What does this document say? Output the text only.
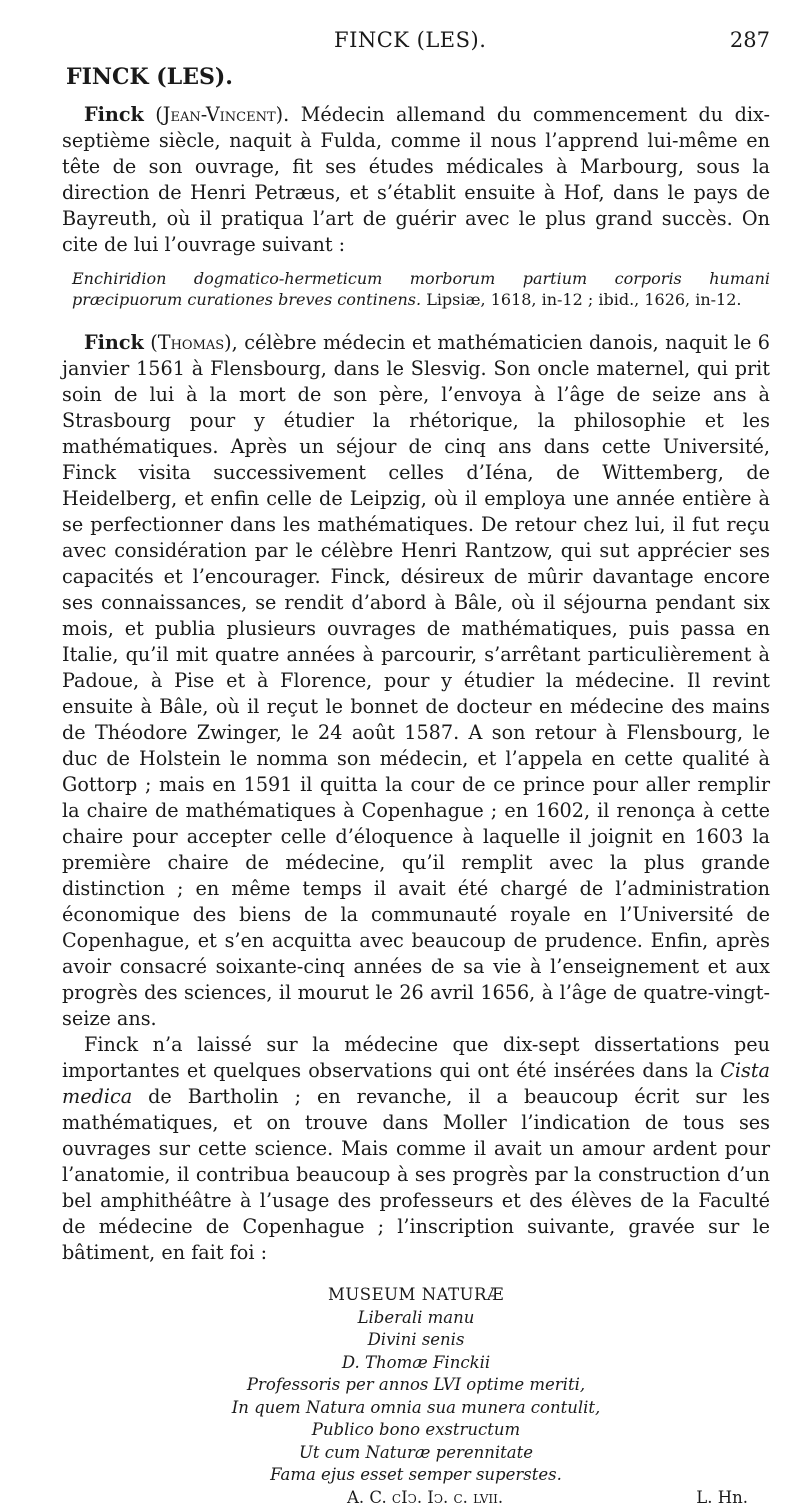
FINCK (LES).	287
FINCK (LES).

Finck (Jean-Vincent). Médecin allemand du commencement du dix-septième siècle, naquit à Fulda, comme il nous l’apprend lui-même en tête de son ouvrage, fit ses études médicales à Marbourg, sous la direction de Henri Petræus, et s’établit ensuite à Hof, dans le pays de Bayreuth, où il pratiqua l’art de guérir avec le plus grand succès. On cite de lui l’ouvrage suivant :

Enchiridion dogmatico-hermeticum morborum partium corporis humani præcipuorum curationes breves continens. Lipsiæ, 1618, in-12 ; ibid., 1626, in-12.

Finck (Thomas), célèbre médecin et mathématicien danois, naquit le 6 janvier 1561 à Flensbourg, dans le Slesvig. Son oncle maternel, qui prit soin de lui à la mort de son père, l’envoya à l’âge de seize ans à Strasbourg pour y étudier la rhétorique, la philosophie et les mathématiques. Après un séjour de cinq ans dans cette Université, Finck visita successivement celles d’Iéna, de Wittemberg, de Heidelberg, et enfin celle de Leipzig, où il employa une année entière à se perfectionner dans les mathématiques. De retour chez lui, il fut reçu avec considération par le célèbre Henri Rantzow, qui sut apprécier ses capacités et l’encourager. Finck, désireux de mûrir davantage encore ses connaissances, se rendit d’abord à Bâle, où il séjourna pendant six mois, et publia plusieurs ouvrages de mathématiques, puis passa en Italie, qu’il mit quatre années à parcourir, s’arrêtant particulièrement à Padoue, à Pise et à Florence, pour y étudier la médecine. Il revint ensuite à Bâle, où il reçut le bonnet de docteur en médecine des mains de Théodore Zwinger, le 24 août 1587. A son retour à Flensbourg, le duc de Holstein le nomma son médecin, et l’appela en cette qualité à Gottorp ; mais en 1591 il quitta la cour de ce prince pour aller remplir la chaire de mathématiques à Copenhague ; en 1602, il renonça à cette chaire pour accepter celle d’éloquence à laquelle il joignit en 1603 la première chaire de médecine, qu’il remplit avec la plus grande distinction ; en même temps il avait été chargé de l’administration économique des biens de la communauté royale en l’Université de Copenhague, et s’en acquitta avec beaucoup de prudence. Enfin, après avoir consacré soixante-cinq années de sa vie à l’enseignement et aux progrès des sciences, il mourut le 26 avril 1656, à l’âge de quatre-vingt-seize ans.

Finck n’a laissé sur la médecine que dix-sept dissertations peu importantes et quelques observations qui ont été insérées dans la Cista medica de Bartholin ; en revanche, il a beaucoup écrit sur les mathématiques, et on trouve dans Moller l’indication de tous ses ouvrages sur cette science. Mais comme il avait un amour ardent pour l’anatomie, il contribua beaucoup à ses progrès par la construction d’un bel amphithéâtre à l’usage des professeurs et des élèves de la Faculté de médecine de Copenhague ; l’inscription suivante, gravée sur le bâtiment, en fait foi :

MUSEUM NATURÆ
Liberali manu
Divini senis
D. Thomæ Finckii
Professoris per annos LVI optime meriti,
In quem Natura omnia sua munera contulit,
Publico bono exstructum
Ut cum Naturæ perennitate
Fama ejus esset semper superstes.
A. C. cIↄ. Iↄ. c. lvii.	L. Hn.
